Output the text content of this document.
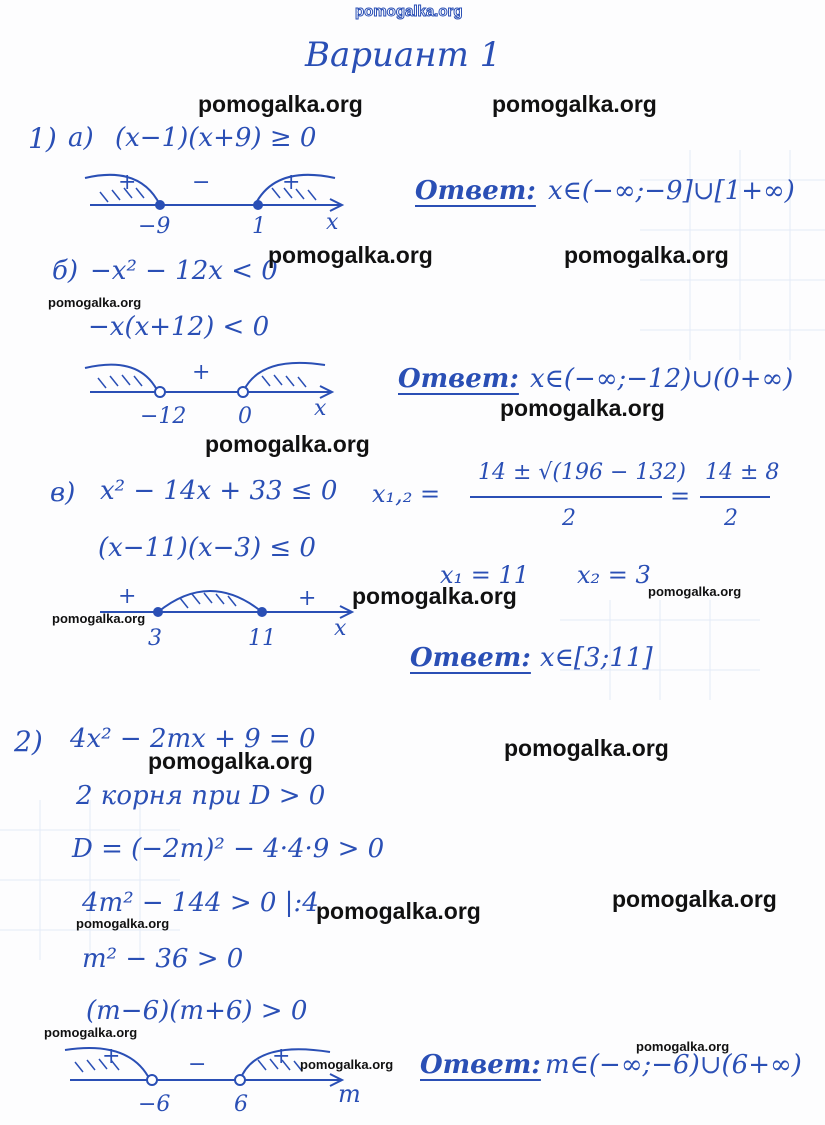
pomogalka.org
Вариант 1
1) а) (x−1)(x+9) ≥ 0
+	−	+
−9	1	x
Ответ: x∈(−∞;−9]∪[1+∞)
б) −x² − 12x < 0
−x(x+12) < 0
+
−12 0	x
Ответ: x∈(−∞;−12)∪(0+∞)
в) x² − 14x + 33 ≤ 0
(x−11)(x−3) ≤ 0
x₁,₂ =
14 ± √(196 − 132)
2
=
14 ± 8
2
x₁ = 11 x₂ = 3
+	+
3	11	x
Ответ: x∈[3;11]
2) 4x² − 2mx + 9 = 0
2 корня при D > 0
D = (−2m)² − 4·4·9 > 0
4m² − 144 > 0 |:4
m² − 36 > 0
(m−6)(m+6) > 0
+	−	+
−6	6	m
Ответ: m∈(−∞;−6)∪(6+∞)
pomogalka.org	pomogalka.org
pomogalka.org	pomogalka.org
pomogalka.org
pomogalka.org
pomogalka.org
pomogalka.org	pomogalka.org
pomogalka.org
pomogalka.org
pomogalka.org
pomogalka.org
pomogalka.org
pomogalka.org
pomogalka.org
pomogalka.org
pomogalka.org
